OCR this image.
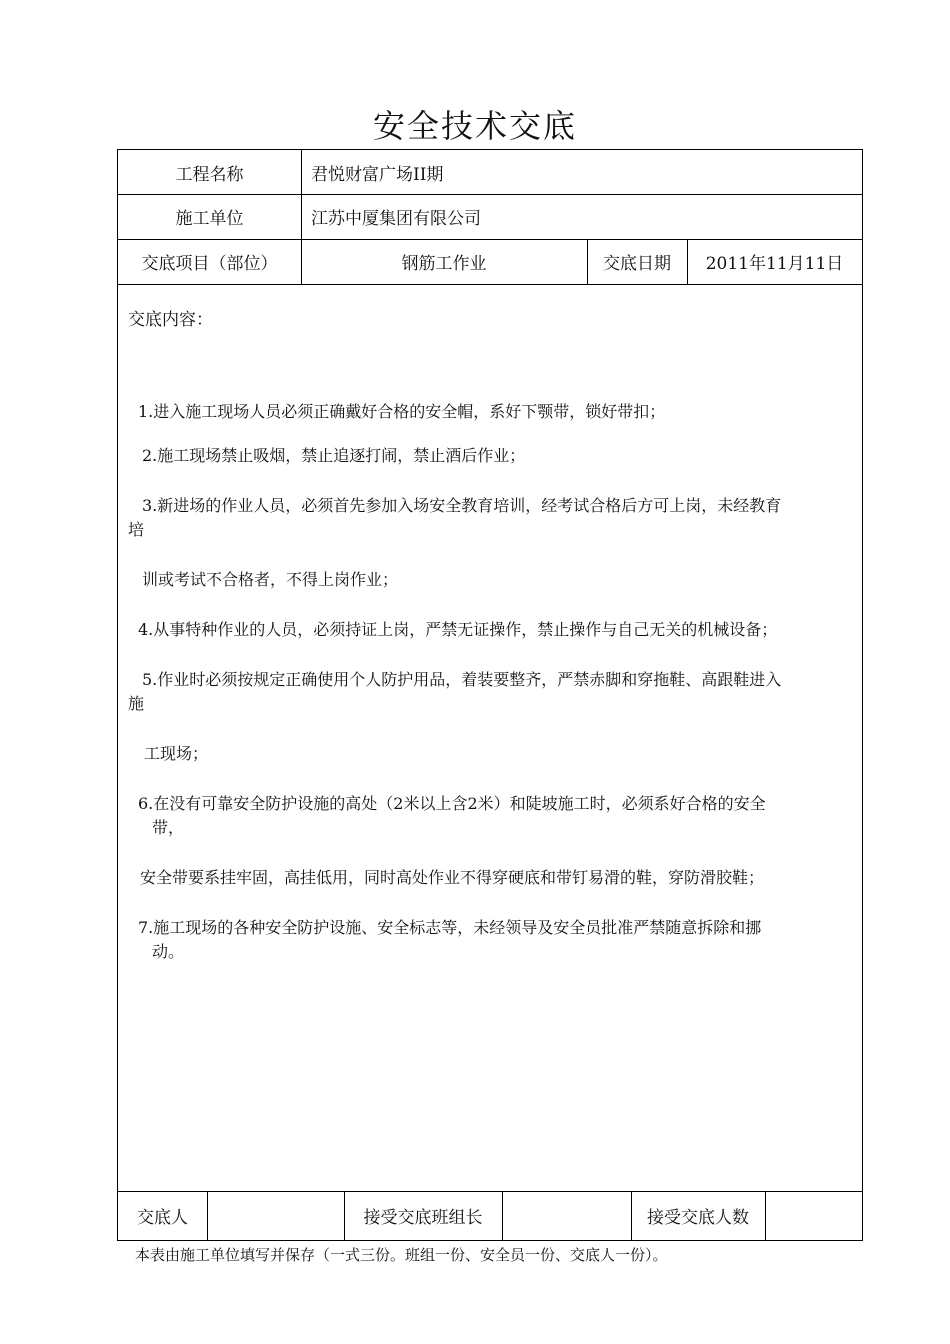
安全技术交底
工程名称	君悦财富广场II期
施工单位	江苏中厦集团有限公司
交底项目（部位）	钢筋工作业	交底日期	2011年11月11日
交底内容：
1.进入施工现场人员必须正确戴好合格的安全帽，系好下颚带，锁好带扣；
2.施工现场禁止吸烟，禁止追逐打闹，禁止酒后作业；
3.新进场的作业人员，必须首先参加入场安全教育培训，经考试合格后方可上岗，未经教育
培
训或考试不合格者，不得上岗作业；
4.从事特种作业的人员，必须持证上岗，严禁无证操作，禁止操作与自己无关的机械设备；
5.作业时必须按规定正确使用个人防护用品，着装要整齐，严禁赤脚和穿拖鞋、高跟鞋进入
施
工现场；
6.在没有可靠安全防护设施的高处（2米以上含2米）和陡坡施工时，必须系好合格的安全
带，
安全带要系挂牢固，高挂低用，同时高处作业不得穿硬底和带钉易滑的鞋，穿防滑胶鞋；
7.施工现场的各种安全防护设施、安全标志等，未经领导及安全员批准严禁随意拆除和挪
动。
交底人	接受交底班组长	接受交底人数
本表由施工单位填写并保存（一式三份。班组一份、安全员一份、交底人一份）。
